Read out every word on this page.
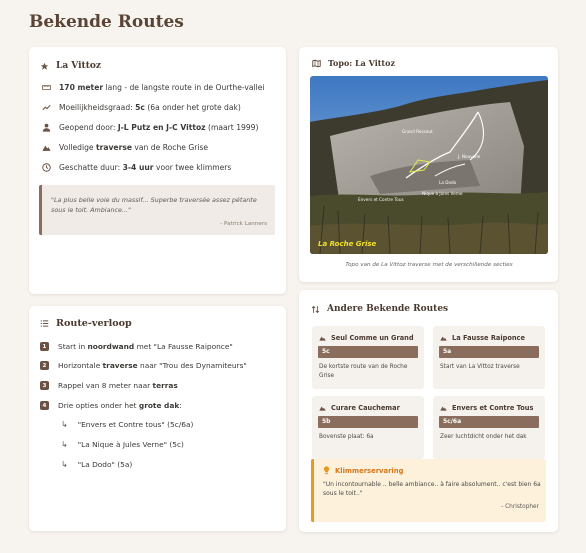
Bekende Routes
La Vittoz
170 meter lang - de langste route in de Ourthe-vallei
Moeilijkheidsgraad: 5c (6a onder het grote dak)
Geopend door: J-L Putz en J-C Vittoz (maart 1999)
Volledige traverse van de Roche Grise
Geschatte duur: 3-4 uur voor twee klimmers
"La plus belle voie du massif... Superbe traversée assez pétante sous le toit. Ambiance..."
- Patrick Lanners
Topo: La Vittoz
Grand Ressaut
J. Nouvelle
La Dodo
Envers et Contre Tous
Nique à Jules Verne
La Roche Grise
Topo van de La Vittoz traverse met de verschillende secties
Route-verloop
1	Start in noordwand met "La Fausse Raiponce"
2	Horizontale traverse naar "Trou des Dynamiteurs"
3	Rappel van 8 meter naar terras
4	Drie opties onder het grote dak:
↳ "Envers et Contre tous" (5c/6a)
↳ "La Nique à Jules Verne" (5c)
↳ "La Dodo" (5a)
Andere Bekende Routes
Seul Comme un Grand
5c
De kortste route van de Roche Grise
La Fausse Raiponce
5a
Start van La Vittoz traverse
Curare Cauchemar
5b
Bovenste plaat: 6a
Envers et Contre Tous
5c/6a
Zeer luchtdicht onder het dak
Klimmerservaring
"Un incontournable .. belle ambiance.. à faire absolument.. c'est bien 6a sous le toit.."
- Christopher
